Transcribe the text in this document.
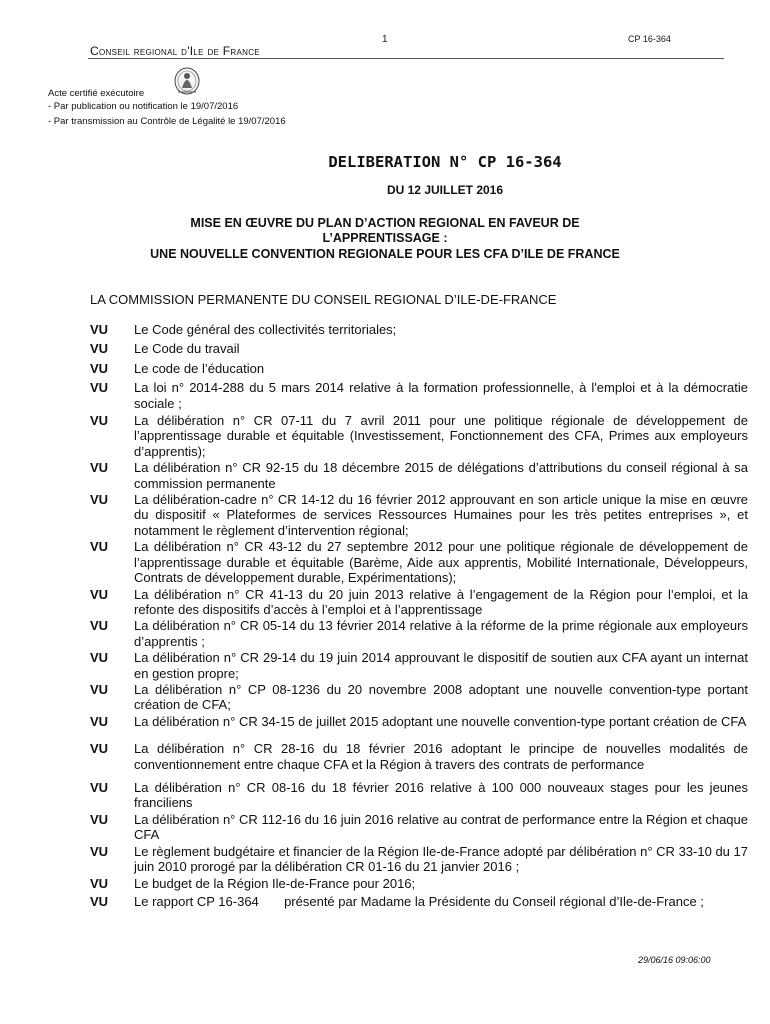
1	CP 16-364
Conseil regional d'Ile de France
Acte certifié exécutoire
- Par publication ou notification le 19/07/2016
- Par transmission au Contrôle de Légalité le 19/07/2016
DELIBERATION N° CP 16-364
DU 12 JUILLET 2016
MISE EN ŒUVRE DU PLAN D’ACTION REGIONAL EN FAVEUR DE
L’APPRENTISSAGE :
UNE NOUVELLE CONVENTION REGIONALE POUR LES CFA D’ILE DE FRANCE
LA COMMISSION PERMANENTE DU CONSEIL REGIONAL D’ILE-DE-FRANCE
VU Le Code général des collectivités territoriales;
VU Le Code du travail
VU Le code de l’éducation
VU La loi n° 2014-288 du 5 mars 2014 relative à la formation professionnelle, à l'emploi et à la démocratie sociale ;
VU La délibération n° CR 07-11 du 7 avril 2011 pour une politique régionale de développement de l’apprentissage durable et équitable (Investissement, Fonctionnement des CFA, Primes aux employeurs d’apprentis);
VU La délibération n° CR 92-15 du 18 décembre 2015 de délégations d’attributions du conseil régional à sa commission permanente
VU La délibération-cadre n° CR 14-12 du 16 février 2012 approuvant en son article unique la mise en œuvre du dispositif « Plateformes de services Ressources Humaines pour les très petites entreprises », et notamment le règlement d’intervention régional;
VU La délibération n° CR 43-12 du 27 septembre 2012 pour une politique régionale de développement de l’apprentissage durable et équitable (Barème, Aide aux apprentis, Mobilité Internationale, Développeurs, Contrats de développement durable, Expérimentations);
VU La délibération n° CR 41-13 du 20 juin 2013 relative à l’engagement de la Région pour l’emploi, et la refonte des dispositifs d’accès à l’emploi et à l’apprentissage
VU La délibération n° CR 05-14 du 13 février 2014 relative à la réforme de la prime régionale aux employeurs d’apprentis ;
VU La délibération n° CR 29-14 du 19 juin 2014 approuvant le dispositif de soutien aux CFA ayant un internat en gestion propre;
VU La délibération n° CP 08-1236 du 20 novembre 2008 adoptant une nouvelle convention-type portant création de CFA;
VU La délibération n° CR 34-15 de juillet 2015 adoptant une nouvelle convention-type portant création de CFA
VU La délibération n° CR 28-16 du 18 février 2016 adoptant le principe de nouvelles modalités de conventionnement entre chaque CFA et la Région à travers des contrats de performance
VU La délibération n° CR 08-16 du 18 février 2016 relative à 100 000 nouveaux stages pour les jeunes franciliens
VU La délibération n° CR 112-16 du 16 juin 2016 relative au contrat de performance entre la Région et chaque CFA
VU Le règlement budgétaire et financier de la Région Ile-de-France adopté par délibération n° CR 33-10 du 17 juin 2010 prorogé par la délibération CR 01-16 du 21 janvier 2016 ;
VU Le budget de la Région Ile-de-France pour 2016;
VU Le rapport CP 16-364       présenté par Madame la Présidente du Conseil régional d’Ile-de-France ;
29/06/16 09:06:00
